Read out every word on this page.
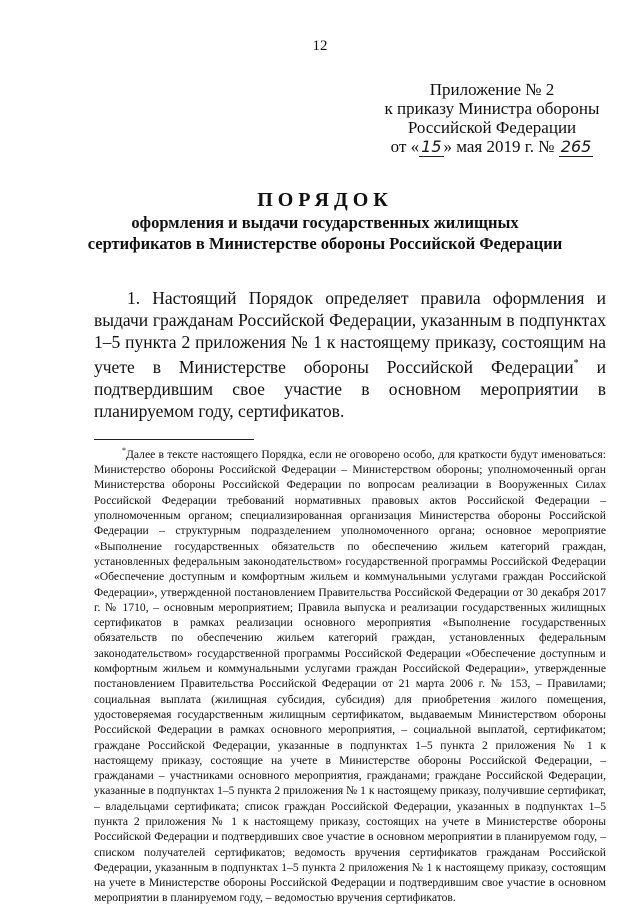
12
Приложение № 2
к приказу Министра обороны
Российской Федерации
от « 15 » мая 2019 г. № 265
ПОРЯДОК
оформления и выдачи государственных жилищных
сертификатов в Министерстве обороны Российской Федерации
1. Настоящий Порядок определяет правила оформления и выдачи гражданам Российской Федерации, указанным в подпунктах 1–5 пункта 2 приложения № 1 к настоящему приказу, состоящим на учете в Министерстве обороны Российской Федерации* и подтвердившим свое участие в основном мероприятии в планируемом году, сертификатов.
*Далее в тексте настоящего Порядка, если не оговорено особо, для краткости будут именоваться: Министерство обороны Российской Федерации – Министерством обороны; уполномоченный орган Министерства обороны Российской Федерации по вопросам реализации в Вооруженных Силах Российской Федерации требований нормативных правовых актов Российской Федерации – уполномоченным органом; специализированная организация Министерства обороны Российской Федерации – структурным подразделением уполномоченного органа; основное мероприятие «Выполнение государственных обязательств по обеспечению жильем категорий граждан, установленных федеральным законодательством» государственной программы Российской Федерации «Обеспечение доступным и комфортным жильем и коммунальными услугами граждан Российской Федерации», утвержденной постановлением Правительства Российской Федерации от 30 декабря 2017 г. № 1710, – основным мероприятием; Правила выпуска и реализации государственных жилищных сертификатов в рамках реализации основного мероприятия «Выполнение государственных обязательств по обеспечению жильем категорий граждан, установленных федеральным законодательством» государственной программы Российской Федерации «Обеспечение доступным и комфортным жильем и коммунальными услугами граждан Российской Федерации», утвержденные постановлением Правительства Российской Федерации от 21 марта 2006 г. № 153, – Правилами; социальная выплата (жилищная субсидия, субсидия) для приобретения жилого помещения, удостоверяемая государственным жилищным сертификатом, выдаваемым Министерством обороны Российской Федерации в рамках основного мероприятия, – социальной выплатой, сертификатом; граждане Российской Федерации, указанные в подпунктах 1–5 пункта 2 приложения № 1 к настоящему приказу, состоящие на учете в Министерстве обороны Российской Федерации, – гражданами – участниками основного мероприятия, гражданами; граждане Российской Федерации, указанные в подпунктах 1–5 пункта 2 приложения № 1 к настоящему приказу, получившие сертификат, – владельцами сертификата; список граждан Российской Федерации, указанных в подпунктах 1–5 пункта 2 приложения № 1 к настоящему приказу, состоящих на учете в Министерстве обороны Российской Федерации и подтвердивших свое участие в основном мероприятии в планируемом году, – списком получателей сертификатов; ведомость вручения сертификатов гражданам Российской Федерации, указанным в подпунктах 1–5 пункта 2 приложения № 1 к настоящему приказу, состоящим на учете в Министерстве обороны Российской Федерации и подтвердившим свое участие в основном мероприятии в планируемом году, – ведомостью вручения сертификатов.
